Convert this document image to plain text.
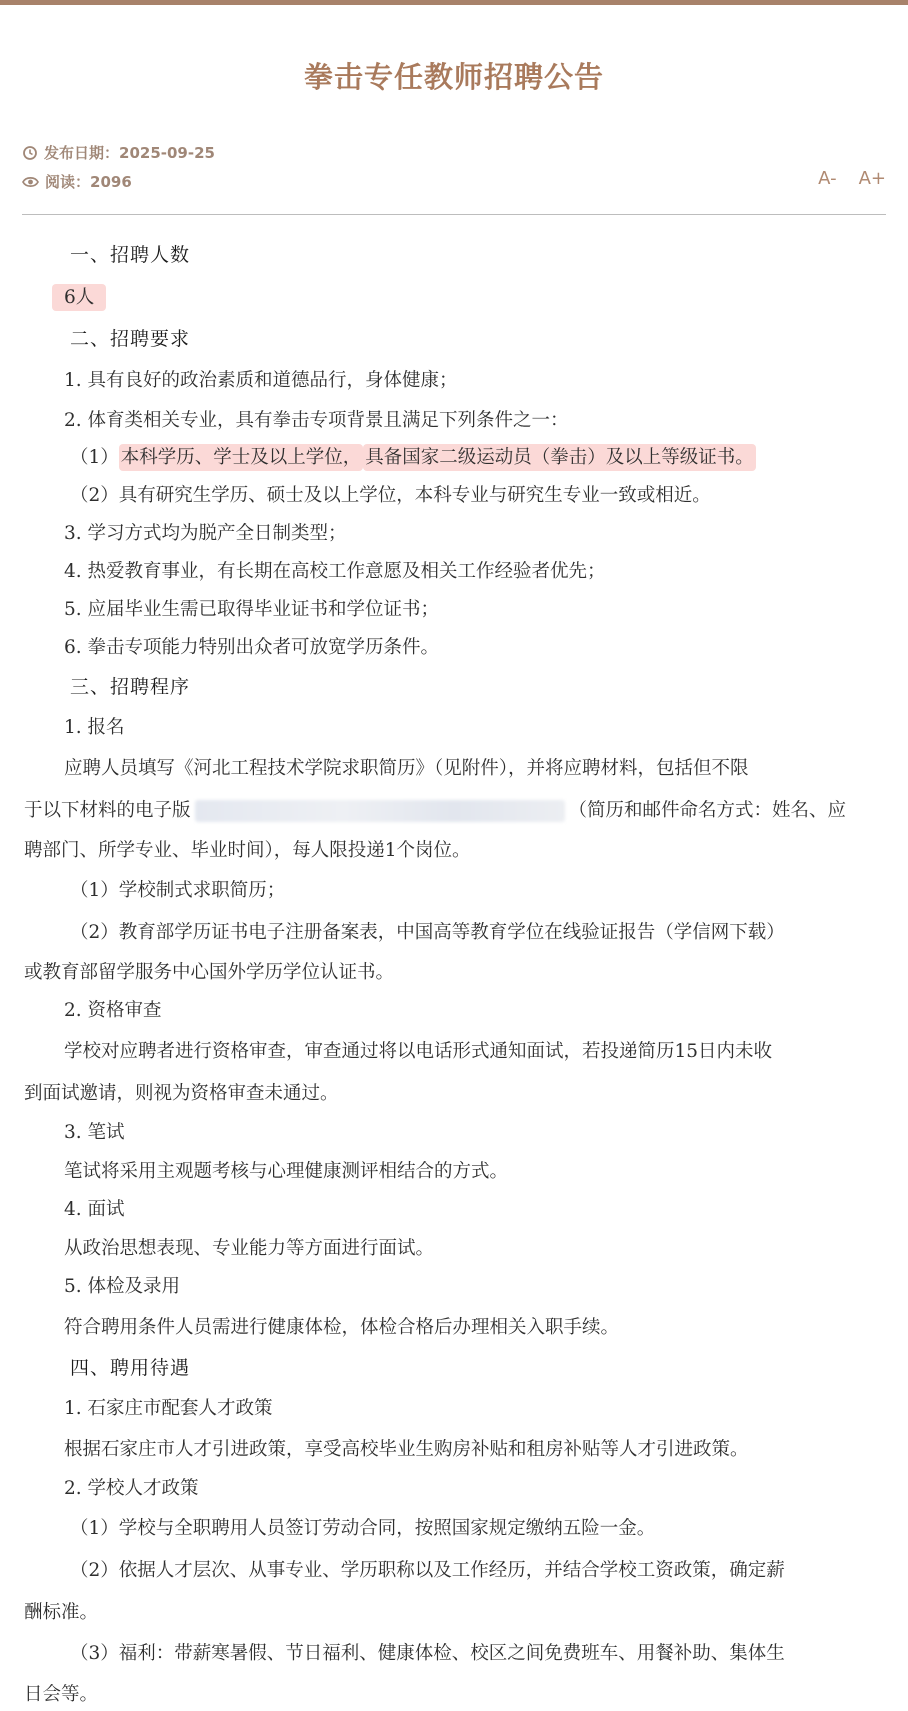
拳击专任教师招聘公告
发布日期： 2025-09-25
阅读： 2096	A- A+
一、招聘人数
6人
二、招聘要求
1. 具有良好的政治素质和道德品行，身体健康；
2. 体育类相关专业，具有拳击专项背景且满足下列条件之一：
（1） 本科学历、学士及以上学位， 具备国家二级运动员（拳击）及以上等级证书。
（2）具有研究生学历、硕士及以上学位，本科专业与研究生专业一致或相近。
3. 学习方式均为脱产全日制类型；
4. 热爱教育事业，有长期在高校工作意愿及相关工作经验者优先；
5. 应届毕业生需已取得毕业证书和学位证书；
6. 拳击专项能力特别出众者可放宽学历条件。
三、招聘程序
1. 报名
应聘人员填写《河北工程技术学院求职简历》（见附件），并将应聘材料，包括但不限
于以下材料的电子版	（简历和邮件命名方式：姓名、应
聘部门、所学专业、毕业时间），每人限投递1个岗位。
（1）学校制式求职简历；
（2）教育部学历证书电子注册备案表，中国高等教育学位在线验证报告（学信网下载）
或教育部留学服务中心国外学历学位认证书。
2. 资格审查
学校对应聘者进行资格审查，审查通过将以电话形式通知面试，若投递简历15日内未收
到面试邀请，则视为资格审查未通过。
3. 笔试
笔试将采用主观题考核与心理健康测评相结合的方式。
4. 面试
从政治思想表现、专业能力等方面进行面试。
5. 体检及录用
符合聘用条件人员需进行健康体检，体检合格后办理相关入职手续。
四、聘用待遇
1. 石家庄市配套人才政策
根据石家庄市人才引进政策，享受高校毕业生购房补贴和租房补贴等人才引进政策。
2. 学校人才政策
（1）学校与全职聘用人员签订劳动合同，按照国家规定缴纳五险一金。
（2）依据人才层次、从事专业、学历职称以及工作经历，并结合学校工资政策，确定薪
酬标准。
（3）福利：带薪寒暑假、节日福利、健康体检、校区之间免费班车、用餐补助、集体生
日会等。
